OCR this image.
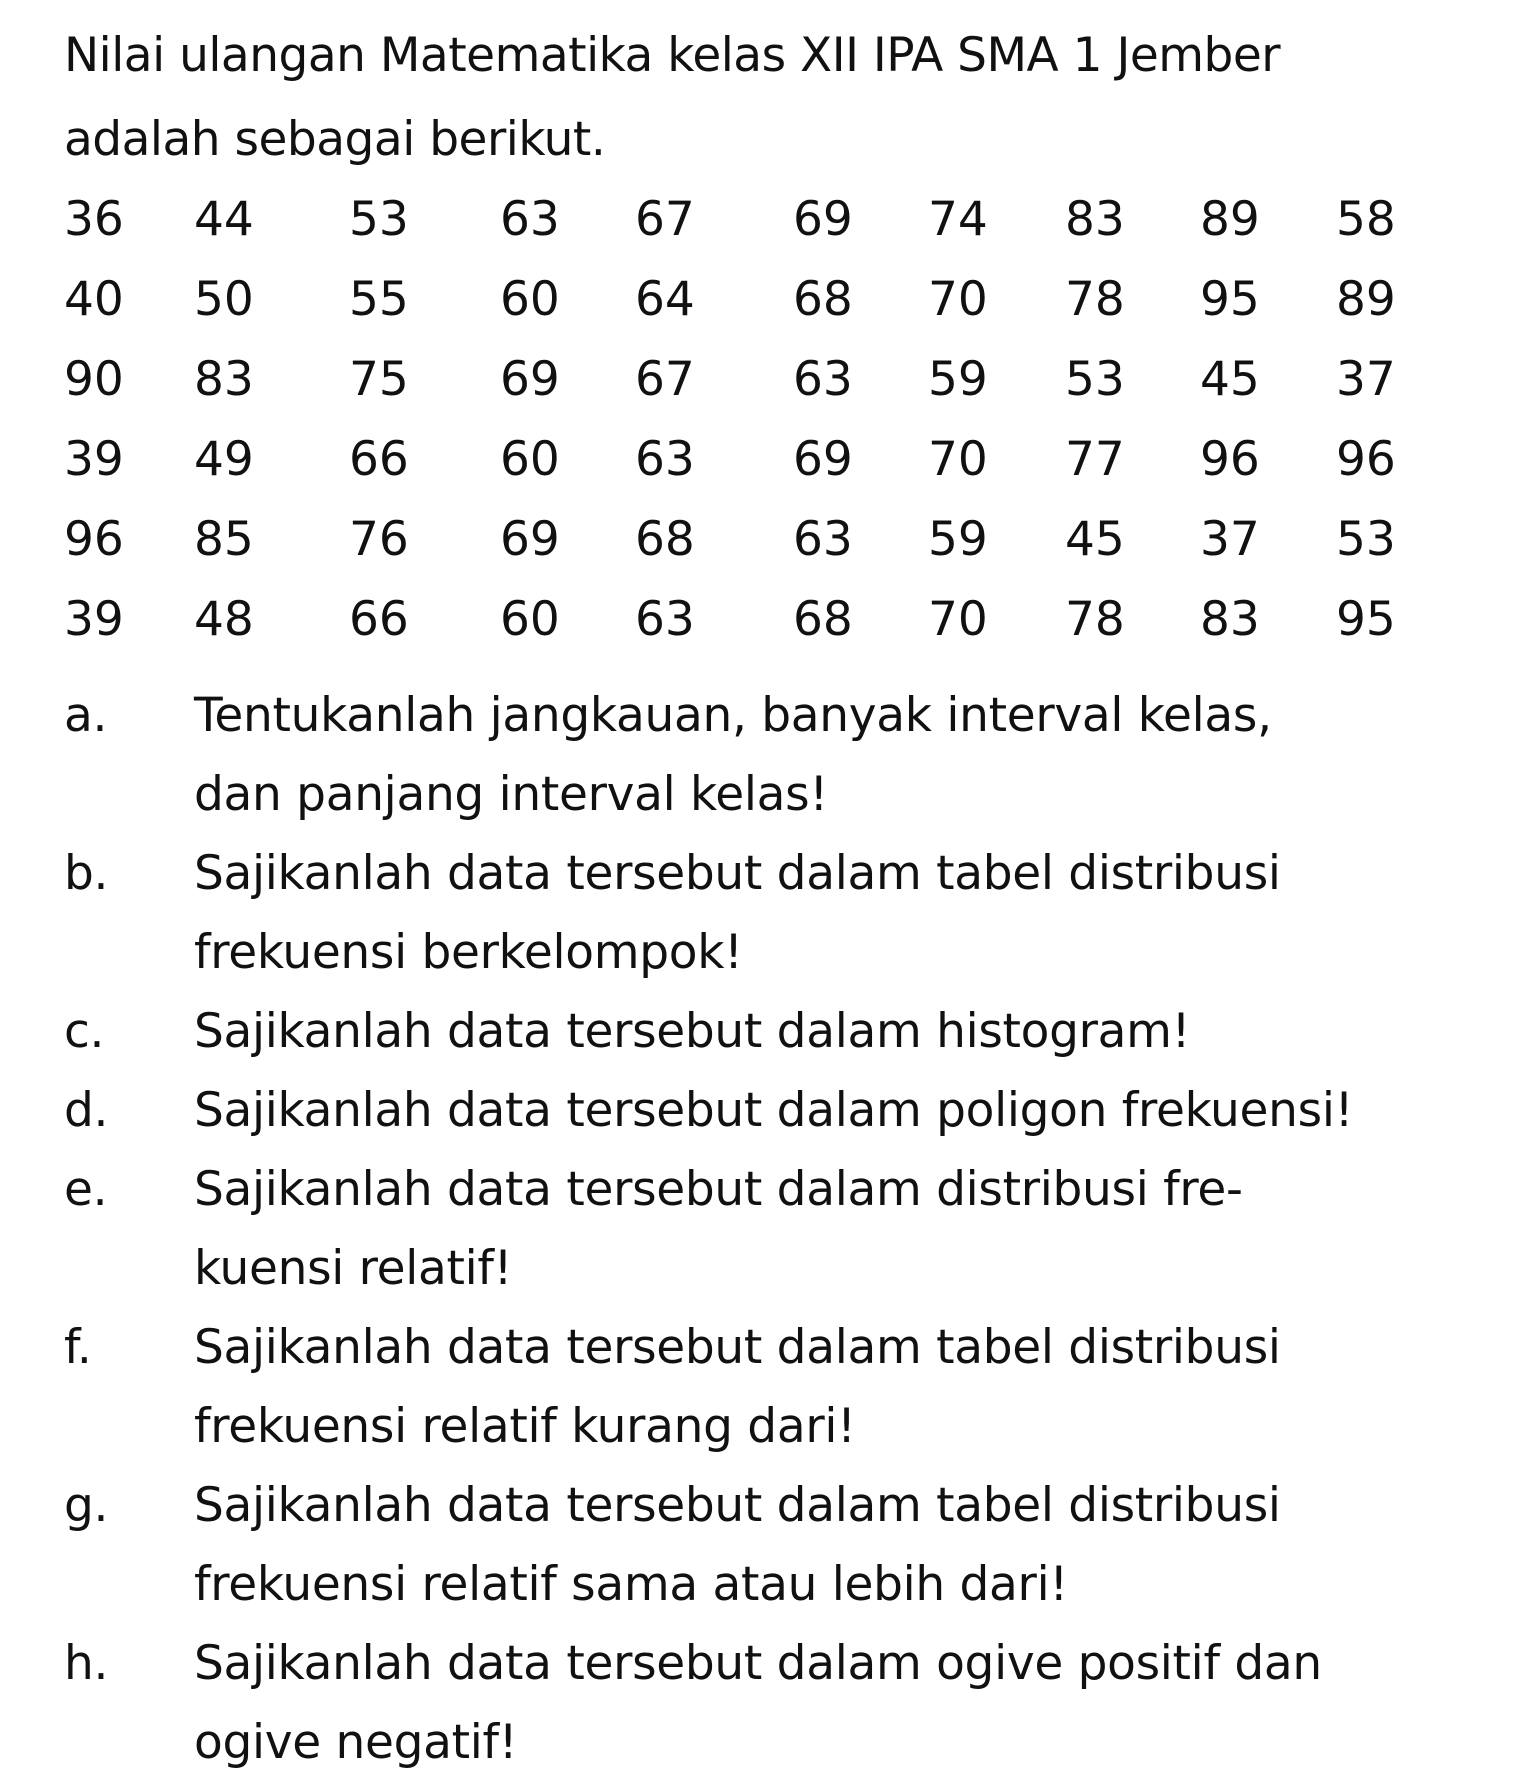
Nilai ulangan Matematika kelas XII IPA SMA 1 Jember
adalah sebagai berikut.
36 44 53 63 67 69 74 83 89 58
40 50 55 60 64 68 70 78 95 89
90 83 75 69 67 63 59 53 45 37
39 49 66 60 63 69 70 77 96 96
96 85 76 69 68 63 59 45 37 53
39 48 66 60 63 68 70 78 83 95
a. Tentukanlah jangkauan, banyak interval kelas,
dan panjang interval kelas!
b. Sajikanlah data tersebut dalam tabel distribusi
frekuensi berkelompok!
c. Sajikanlah data tersebut dalam histogram!
d. Sajikanlah data tersebut dalam poligon frekuensi!
e. Sajikanlah data tersebut dalam distribusi fre-
kuensi relatif!
f. Sajikanlah data tersebut dalam tabel distribusi
frekuensi relatif kurang dari!
g. Sajikanlah data tersebut dalam tabel distribusi
frekuensi relatif sama atau lebih dari!
h. Sajikanlah data tersebut dalam ogive positif dan
ogive negatif!
